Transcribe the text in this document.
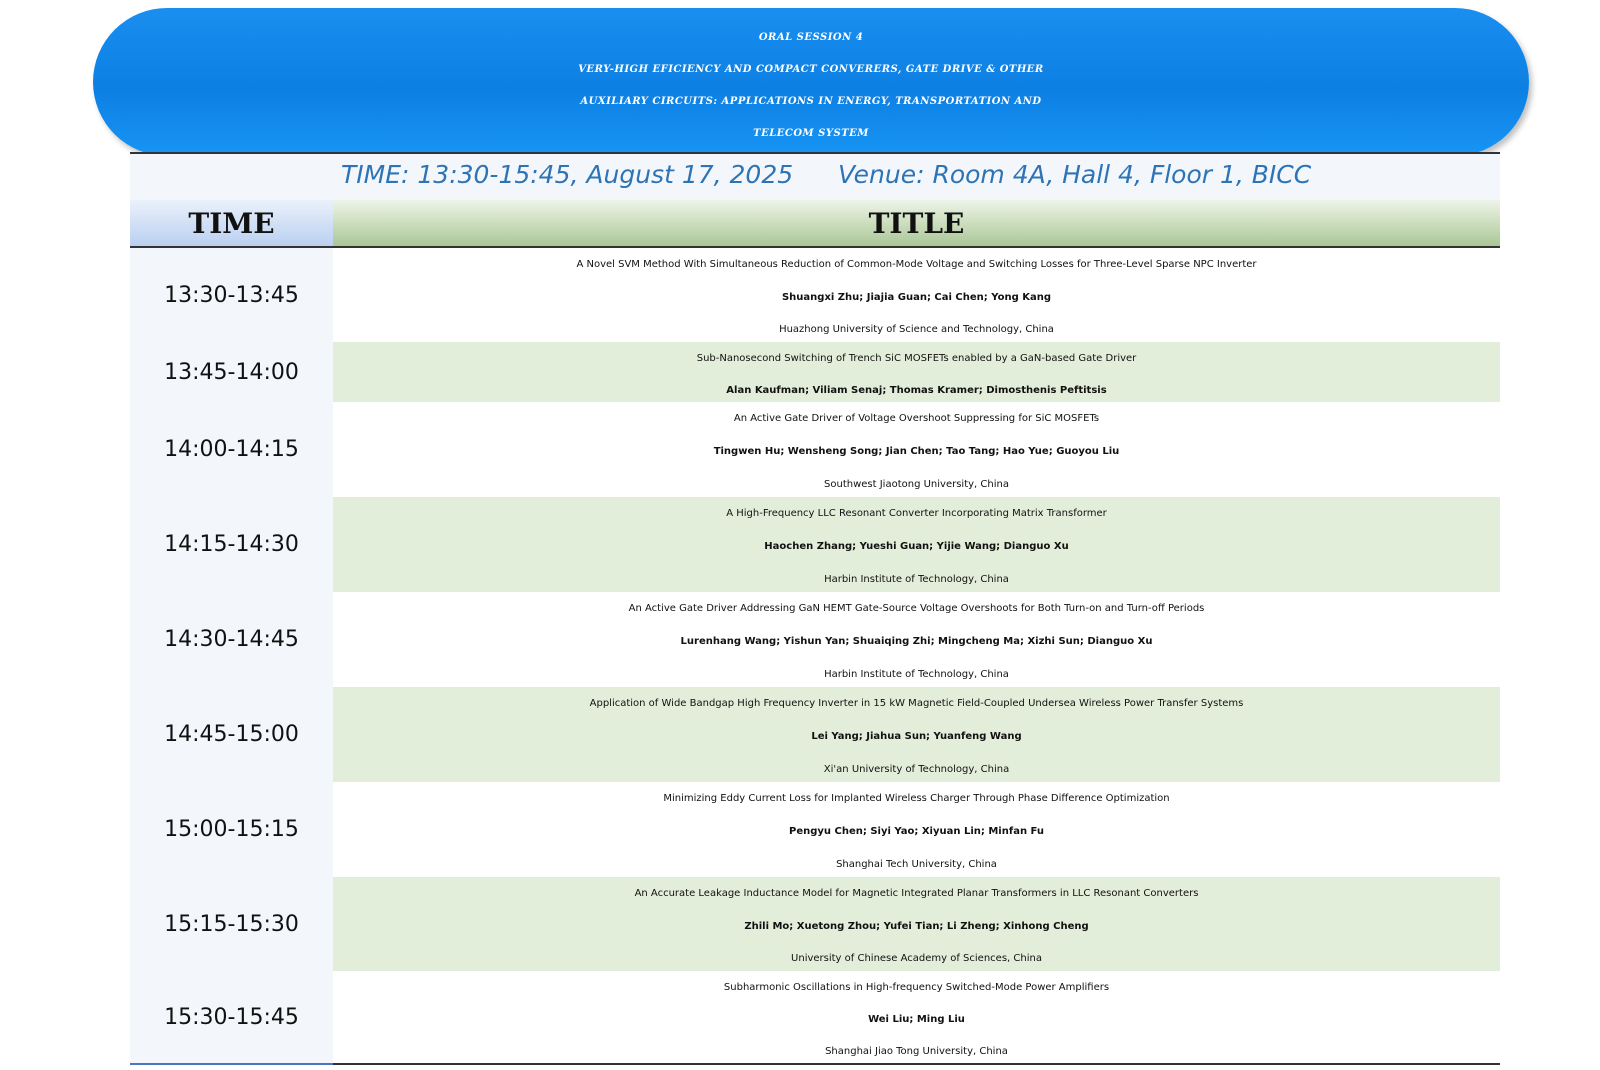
ORAL SESSION 4
VERY-HIGH EFICIENCY AND COMPACT CONVERERS, GATE DRIVE & OTHER
AUXILIARY CIRCUITS: APPLICATIONS IN ENERGY, TRANSPORTATION AND
TELECOM SYSTEM
TIME: 13:30-15:45, August 17, 2025 Venue: Room 4A, Hall 4, Floor 1, BICC
TIME	TITLE
13:30-13:45
A Novel SVM Method With Simultaneous Reduction of Common-Mode Voltage and Switching Losses for Three-Level Sparse NPC Inverter
Shuangxi Zhu; Jiajia Guan; Cai Chen; Yong Kang
Huazhong University of Science and Technology, China
13:45-14:00
Sub-Nanosecond Switching of Trench SiC MOSFETs enabled by a GaN-based Gate Driver
Alan Kaufman; Viliam Senaj; Thomas Kramer; Dimosthenis Peftitsis
14:00-14:15
An Active Gate Driver of Voltage Overshoot Suppressing for SiC MOSFETs
Tingwen Hu; Wensheng Song; Jian Chen; Tao Tang; Hao Yue; Guoyou Liu
Southwest Jiaotong University, China
14:15-14:30
A High-Frequency LLC Resonant Converter Incorporating Matrix Transformer
Haochen Zhang; Yueshi Guan; Yijie Wang; Dianguo Xu
Harbin Institute of Technology, China
14:30-14:45
An Active Gate Driver Addressing GaN HEMT Gate-Source Voltage Overshoots for Both Turn-on and Turn-off Periods
Lurenhang Wang; Yishun Yan; Shuaiqing Zhi; Mingcheng Ma; Xizhi Sun; Dianguo Xu
Harbin Institute of Technology, China
14:45-15:00
Application of Wide Bandgap High Frequency Inverter in 15 kW Magnetic Field-Coupled Undersea Wireless Power Transfer Systems
Lei Yang; Jiahua Sun; Yuanfeng Wang
Xi'an University of Technology, China
15:00-15:15
Minimizing Eddy Current Loss for Implanted Wireless Charger Through Phase Difference Optimization
Pengyu Chen; Siyi Yao; Xiyuan Lin; Minfan Fu
Shanghai Tech University, China
15:15-15:30
An Accurate Leakage Inductance Model for Magnetic Integrated Planar Transformers in LLC Resonant Converters
Zhili Mo; Xuetong Zhou; Yufei Tian; Li Zheng; Xinhong Cheng
University of Chinese Academy of Sciences, China
15:30-15:45
Subharmonic Oscillations in High-frequency Switched-Mode Power Amplifiers
Wei Liu; Ming Liu
Shanghai Jiao Tong University, China
